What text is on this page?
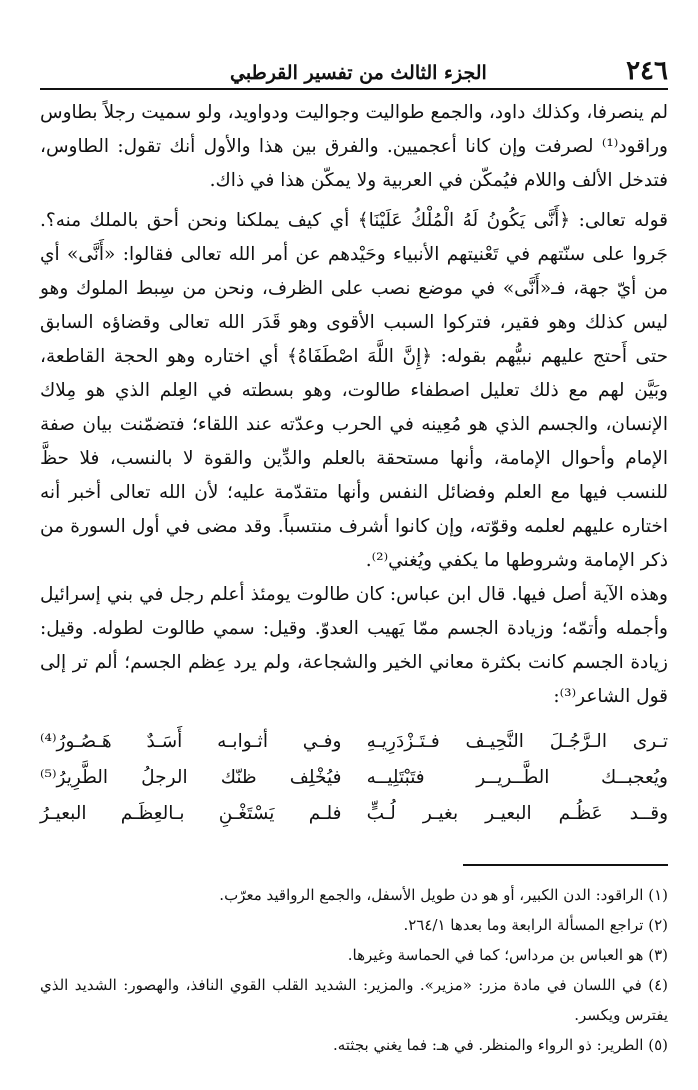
٢٤٦
الجزء الثالث من تفسير القرطبي

لم ينصرفا، وكذلك داود، والجمع طواليت وجواليت ودواويد، ولو سميت رجلاً بطاوس وراقود⁽¹⁾ لصرفت وإن كانا أعجميين. والفرق بين هذا والأول أنك تقول: الطاوس، فتدخل الألف واللام فيُمكّن في العربية ولا يمكّن هذا في ذاك.

قوله تعالى: ﴿أَنَّى يَكُونُ لَهُ الْمُلْكُ عَلَيْنَا﴾ أي كيف يملكنا ونحن أحق بالملك منه؟. جَروا على سنّتهم في تَعْنيتهم الأنبياء وحَيْدهم عن أمر الله تعالى فقالوا: «أَنَّى» أي من أيّ جهة، فـ«أَنَّى» في موضع نصب على الظرف، ونحن من سِبط الملوك وهو ليس كذلك وهو فقير، فتركوا السبب الأقوى وهو قَدَر الله تعالى وقضاؤه السابق حتى أَحتج عليهم نبيُّهم بقوله: ﴿إِنَّ اللَّهَ اصْطَفَاهُ﴾ أي اختاره وهو الحجة القاطعة، وبَيَّن لهم مع ذلك تعليل اصطفاء طالوت، وهو بسطته في العِلم الذي هو مِلاك الإنسان، والجسم الذي هو مُعِينه في الحرب وعدّته عند اللقاء؛ فتضمّنت بيان صفة الإمام وأحوال الإمامة، وأنها مستحقة بالعلم والدِّين والقوة لا بالنسب، فلا حظَّ للنسب فيها مع العلم وفضائل النفس وأنها متقدّمة عليه؛ لأن الله تعالى أخبر أنه اختاره عليهم لعلمه وقوّته، وإن كانوا أشرف منتسباً. وقد مضى في أول السورة من ذكر الإمامة وشروطها ما يكفي ويُغني⁽²⁾.

وهذه الآية أصل فيها. قال ابن عباس: كان طالوت يومئذ أعلم رجل في بني إسرائيل وأجمله وأتمّه؛ وزيادة الجسم ممّا يَهيب العدوّ. وقيل: سمي طالوت لطوله. وقيل: زيادة الجسم كانت بكثرة معاني الخير والشجاعة، ولم يرد عِظم الجسم؛ ألم تر إلى قول الشاعر⁽³⁾:

تـرى الـرَّجُـلَ النَّحِيـف فـتَـزْدَرِيـهِ
وفـي أثـوابـه أَسَـدٌ هَـصُـورُ⁽⁴⁾
ويُعجبــك الطَّــريــر فتَبْتَلِيــه
فيُخْلِف ظنّك الرجلُ الطَّرِيرُ⁽⁵⁾
وقــد عَظُـم البعيـر بغيـر لُـبٍّ
فلـم يَسْتَغْـنِ بـالعِظَـم البعيـرُ

(١) الراقود: الدن الكبير، أو هو دن طويل الأسفل، والجمع الرواقيد معرّب.

(٢) تراجع المسألة الرابعة وما بعدها ٢٦٤/١.

(٣) هو العباس بن مرداس؛ كما في الحماسة وغيرها.

(٤) في اللسان في مادة مزر: «مزير». والمزير: الشديد القلب القوي النافذ، والهصور: الشديد الذي يفترس ويكسر.

(٥) الطرير: ذو الرواء والمنظر. في هـ: فما يغني بجثته.
